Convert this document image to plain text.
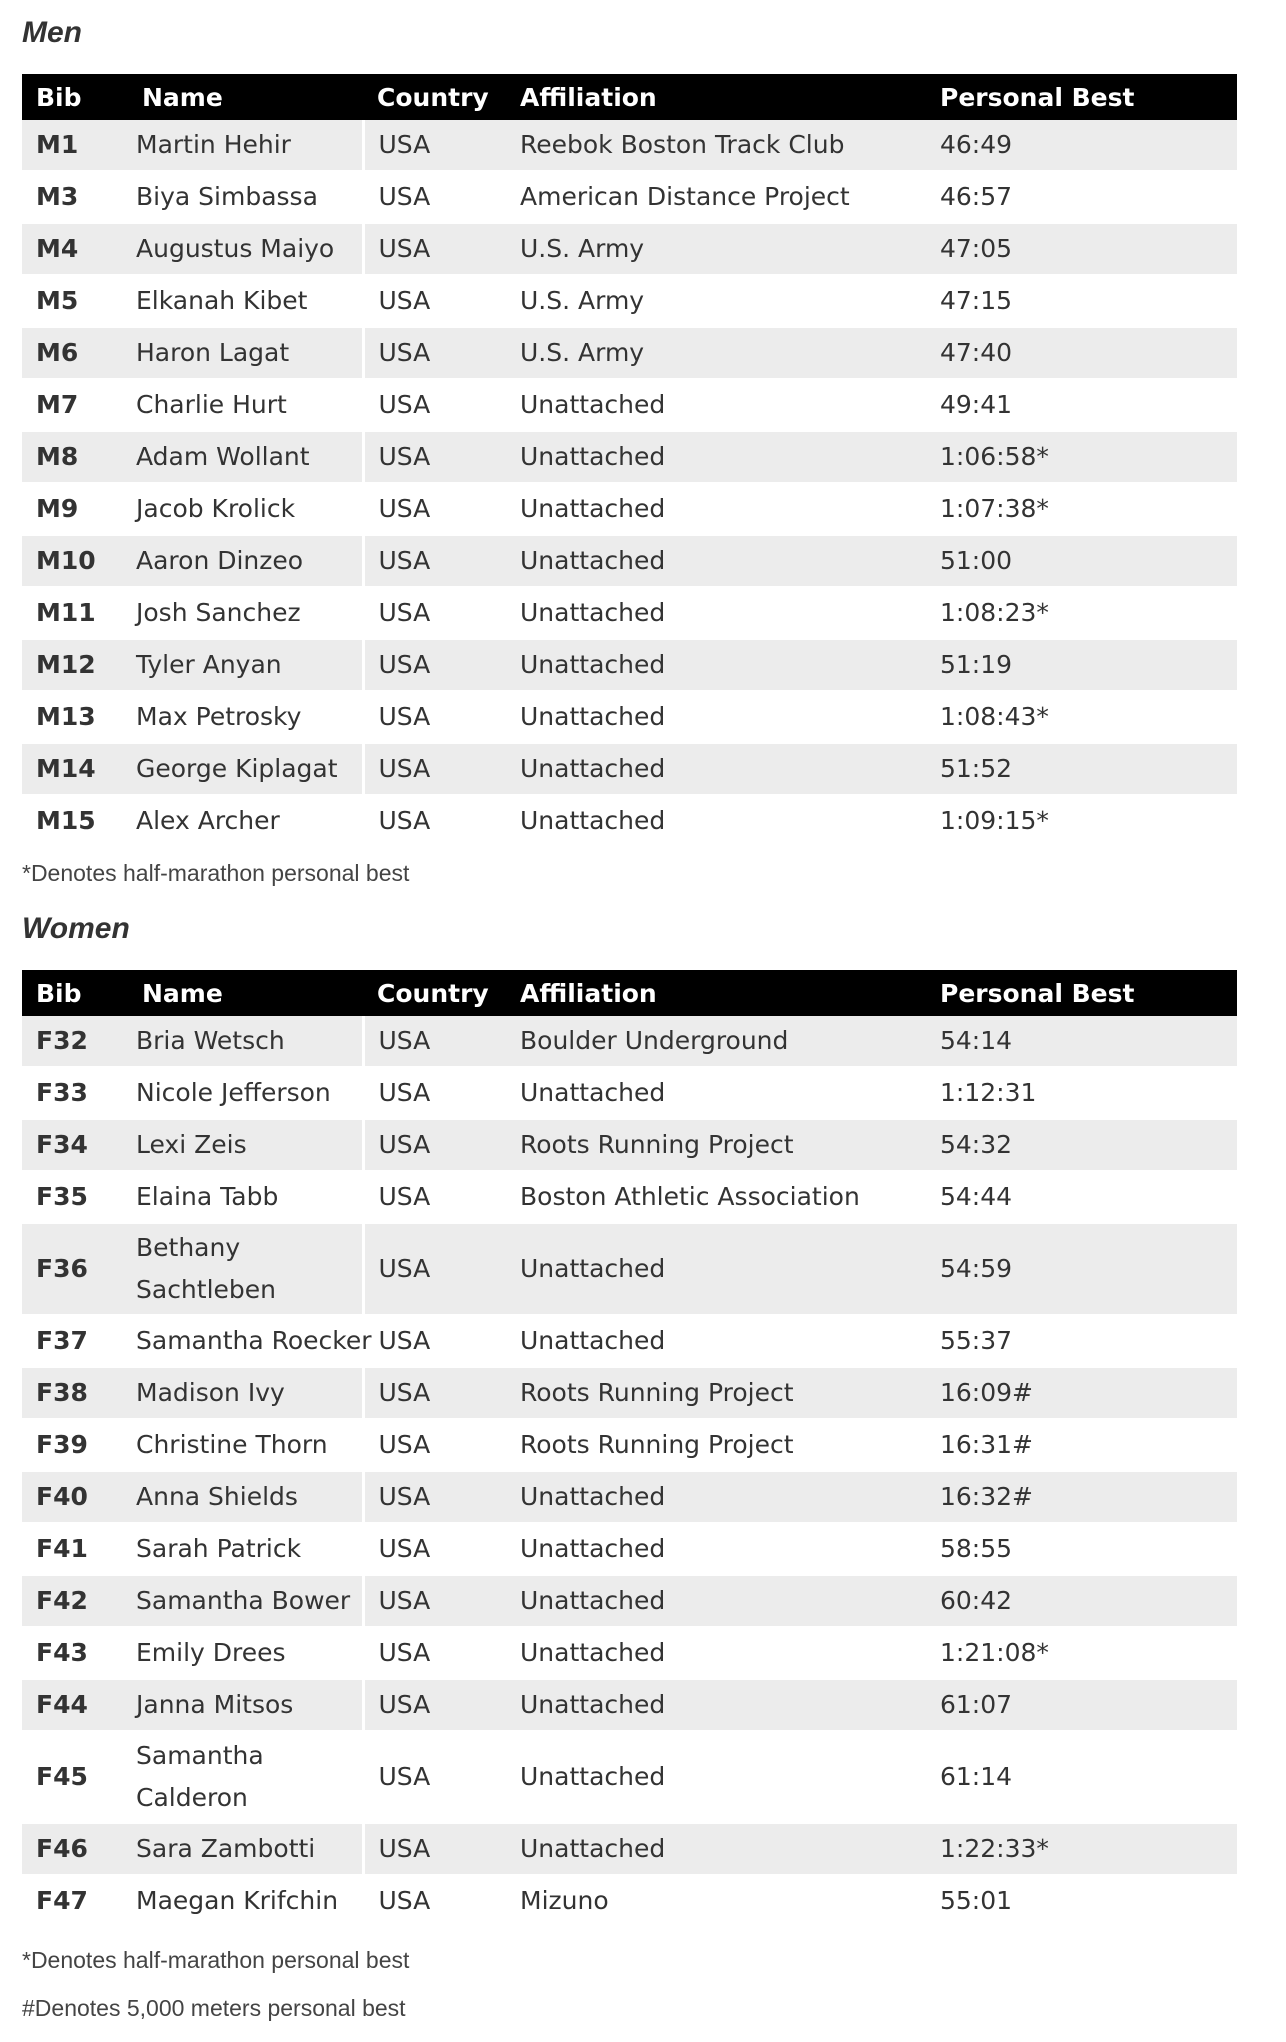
Men
Bib	Name	Country	Affiliation	Personal Best
M1	Martin Hehir	USA	Reebok Boston Track Club	46:49
M3	Biya Simbassa	USA	American Distance Project	46:57
M4	Augustus Maiyo	USA	U.S. Army	47:05
M5	Elkanah Kibet	USA	U.S. Army	47:15
M6	Haron Lagat	USA	U.S. Army	47:40
M7	Charlie Hurt	USA	Unattached	49:41
M8	Adam Wollant	USA	Unattached	1:06:58*
M9	Jacob Krolick	USA	Unattached	1:07:38*
M10	Aaron Dinzeo	USA	Unattached	51:00
M11	Josh Sanchez	USA	Unattached	1:08:23*
M12	Tyler Anyan	USA	Unattached	51:19
M13	Max Petrosky	USA	Unattached	1:08:43*
M14	George Kiplagat	USA	Unattached	51:52
M15	Alex Archer	USA	Unattached	1:09:15*

*Denotes half-marathon personal best

Women
Bib	Name	Country	Affiliation	Personal Best
F32	Bria Wetsch	USA	Boulder Underground	54:14
F33	Nicole Jefferson	USA	Unattached	1:12:31
F34	Lexi Zeis	USA	Roots Running Project	54:32
F35	Elaina Tabb	USA	Boston Athletic Association	54:44
F36	Bethany Sachtleben	USA	Unattached	54:59
F37	Samantha Roecker	USA	Unattached	55:37
F38	Madison Ivy	USA	Roots Running Project	16:09#
F39	Christine Thorn	USA	Roots Running Project	16:31#
F40	Anna Shields	USA	Unattached	16:32#
F41	Sarah Patrick	USA	Unattached	58:55
F42	Samantha Bower	USA	Unattached	60:42
F43	Emily Drees	USA	Unattached	1:21:08*
F44	Janna Mitsos	USA	Unattached	61:07
F45	Samantha Calderon	USA	Unattached	61:14
F46	Sara Zambotti	USA	Unattached	1:22:33*
F47	Maegan Krifchin	USA	Mizuno	55:01

*Denotes half-marathon personal best

#Denotes 5,000 meters personal best
